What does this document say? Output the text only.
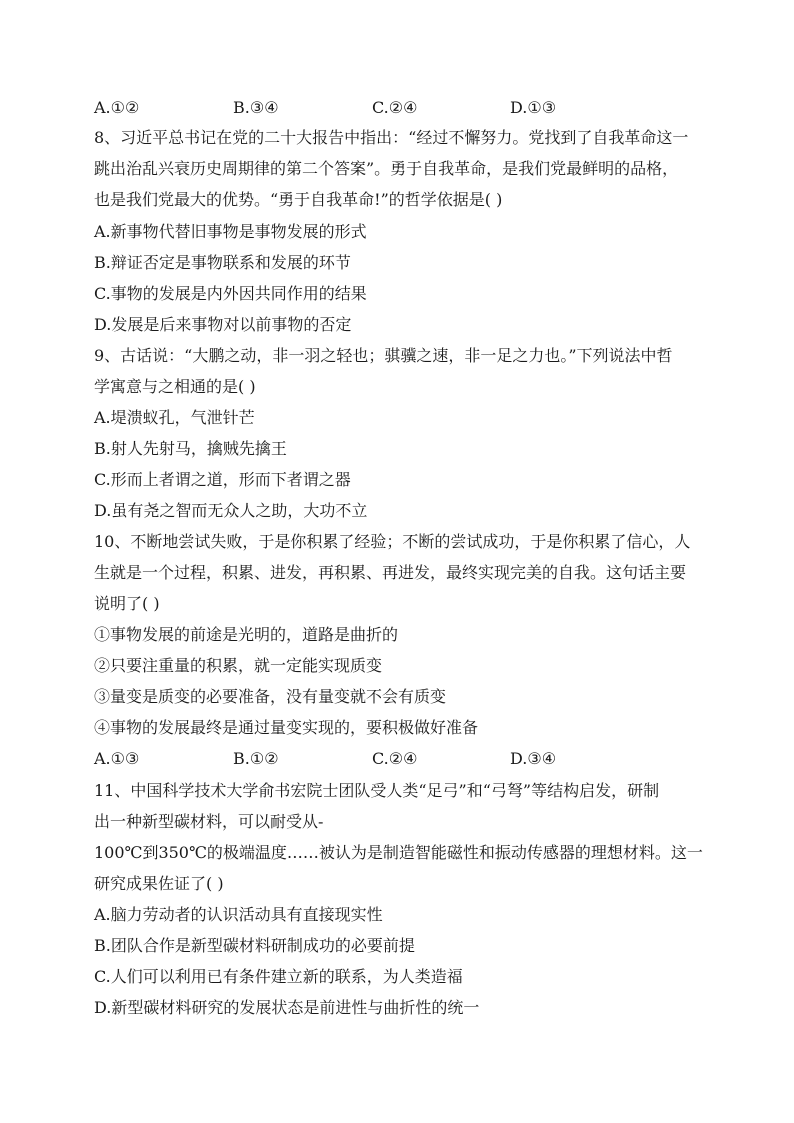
A.①②	B.③④	C.②④	D.①③
8、习近平总书记在党的二十大报告中指出：“经过不懈努力。党找到了自我革命这一
跳出治乱兴衰历史周期律的第二个答案”。勇于自我革命，是我们党最鲜明的品格，
也是我们党最大的优势。“勇于自我革命!”的哲学依据是( )
A.新事物代替旧事物是事物发展的形式
B.辩证否定是事物联系和发展的环节
C.事物的发展是内外因共同作用的结果
D.发展是后来事物对以前事物的否定
9、古话说：“大鹏之动，非一羽之轻也；骐骥之速，非一足之力也。”下列说法中哲
学寓意与之相通的是( )
A.堤溃蚁孔，气泄针芒
B.射人先射马，擒贼先擒王
C.形而上者谓之道，形而下者谓之器
D.虽有尧之智而无众人之助，大功不立
10、不断地尝试失败，于是你积累了经验；不断的尝试成功，于是你积累了信心，人
生就是一个过程，积累、进发，再积累、再进发，最终实现完美的自我。这句话主要
说明了( )
①事物发展的前途是光明的，道路是曲折的
②只要注重量的积累，就一定能实现质变
③量变是质变的必要准备，没有量变就不会有质变
④事物的发展最终是通过量变实现的，要积极做好准备
A.①③	B.①②	C.②④	D.③④
11、中国科学技术大学俞书宏院士团队受人类“足弓”和“弓弩”等结构启发，研制
出一种新型碳材料，可以耐受从-
100℃到350℃的极端温度……被认为是制造智能磁性和振动传感器的理想材料。这一
研究成果佐证了( )
A.脑力劳动者的认识活动具有直接现实性
B.团队合作是新型碳材料研制成功的必要前提
C.人们可以利用已有条件建立新的联系，为人类造福
D.新型碳材料研究的发展状态是前进性与曲折性的统一
